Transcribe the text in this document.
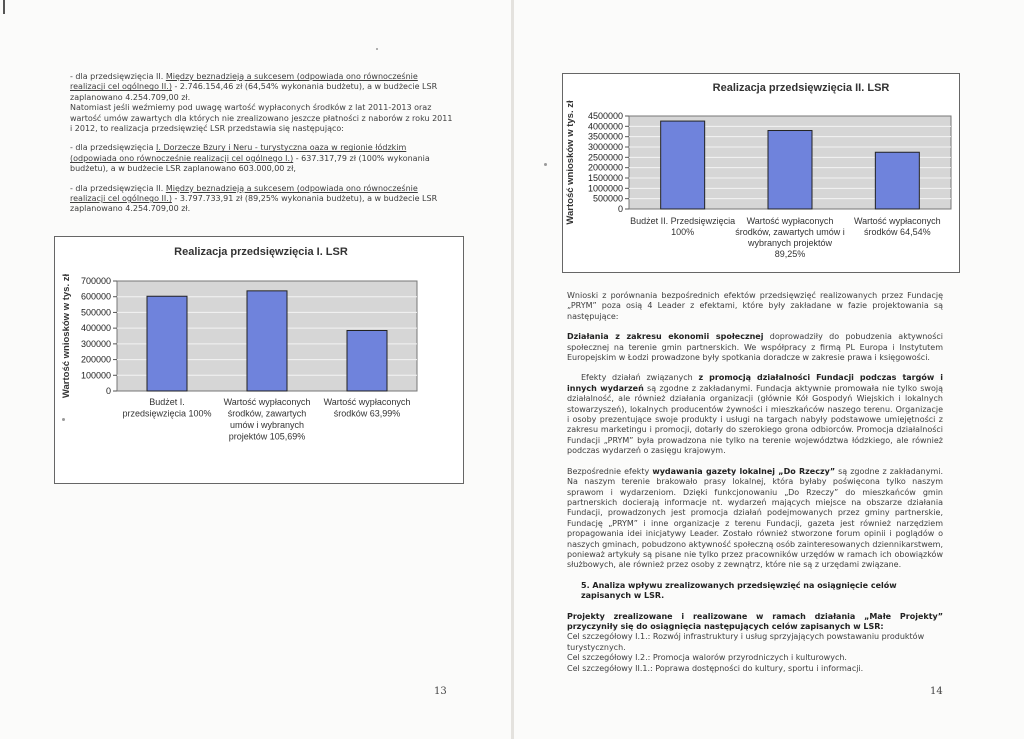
- dla przedsięwzięcia II. Między beznadzieją a sukcesem (odpowiada ono równocześnie realizacji cel ogólnego II.) - 2.746.154,46 zł (64,54% wykonania budżetu), a w budżecie LSR zaplanowano 4.254.709,00 zł.
Natomiast jeśli weźmiemy pod uwagę wartość wypłaconych środków z lat 2011-2013 oraz wartość umów zawartych dla których nie zrealizowano jeszcze płatności z naborów z roku 2011 i 2012, to realizacja przedsięwzięć LSR przedstawia się następująco:
- dla przedsięwzięcia I. Dorzecze Bzury i Neru - turystyczna oaza w regionie łódzkim (odpowiada ono równocześnie realizacji cel ogólnego I.) - 637.317,79 zł (100% wykonania budżetu), a w budżecie LSR zaplanowano 603.000,00 zł,
- dla przedsięwzięcia II. Między beznadzieją a sukcesem (odpowiada ono równocześnie realizacji cel ogólnego II.) - 3.797.733,91 zł (89,25% wykonania budżetu), a w budżecie LSR zaplanowano 4.254.709,00 zł.
Realizacja przedsięwzięcia I. LSR
Wartość wniosków w tys. zł 700000
600000
500000
400000
300000
200000
100000
0
Budżet I.
przedsięwzięcia 100%
Wartość wypłaconych
środków, zawartych
umów i wybranych
projektów 105,69%
Wartość wypłaconych
środków 63,99%
13
Realizacja przedsięwzięcia II. LSR
Wartość wniosków w tys. zł 4500000
4000000
3500000
3000000
2500000
2000000
1500000
1000000
500000
0
Budżet II. Przedsięwzięcia
100%
Wartość wypłaconych
środków, zawartych umów i
wybranych projektów
89,25%
Wartość wypłaconych
środków 64,54%

Wnioski z porównania bezpośrednich efektów przedsięwzięć realizowanych przez Fundację „PRYM” poza osią 4 Leader z efektami, które były zakładane w fazie projektowania są następujące:

Działania z zakresu ekonomii społecznej doprowadziły do pobudzenia aktywności społecznej na terenie gmin partnerskich. We współpracy z firmą PL Europa i Instytutem Europejskim w Łodzi prowadzone były spotkania doradcze w zakresie prawa i księgowości.

Efekty działań związanych z promocją działalności Fundacji podczas targów i innych wydarzeń są zgodne z zakładanymi. Fundacja aktywnie promowała nie tylko swoją działalność, ale również działania organizacji (głównie Kół Gospodyń Wiejskich i lokalnych stowarzyszeń), lokalnych producentów żywności i mieszkańców naszego terenu. Organizacje i osoby prezentujące swoje produkty i usługi na targach nabyły podstawowe umiejętności z zakresu marketingu i promocji, dotarły do szerokiego grona odbiorców. Promocja działalności Fundacji „PRYM” była prowadzona nie tylko na terenie województwa łódzkiego, ale również podczas wydarzeń o zasięgu krajowym.

Bezpośrednie efekty wydawania gazety lokalnej „Do Rzeczy” są zgodne z zakładanymi. Na naszym terenie brakowało prasy lokalnej, która byłaby poświęcona tylko naszym sprawom i wydarzeniom. Dzięki funkcjonowaniu „Do Rzeczy” do mieszkańców gmin partnerskich docierają informacje nt. wydarzeń mających miejsce na obszarze działania Fundacji, prowadzonych jest promocja działań podejmowanych przez gminy partnerskie, Fundację „PRYM” i inne organizacje z terenu Fundacji, gazeta jest również narzędziem propagowania idei inicjatywy Leader. Zostało również stworzone forum opinii i poglądów o naszych gminach, pobudzono aktywność społeczną osób zainteresowanych dziennikarstwem, ponieważ artykuły są pisane nie tylko przez pracowników urzędów w ramach ich obowiązków służbowych, ale również przez osoby z zewnątrz, które nie są z urzędami związane.

5. Analiza wpływu zrealizowanych przedsięwzięć na osiągnięcie celów zapisanych w LSR.

Projekty zrealizowane i realizowane w ramach działania „Małe Projekty” przyczyniły się do osiągnięcia następujących celów zapisanych w LSR:

Cel szczegółowy I.1.: Rozwój infrastruktury i usług sprzyjających powstawaniu produktów turystycznych.

Cel szczegółowy I.2.: Promocja walorów przyrodniczych i kulturowych.

Cel szczegółowy II.1.: Poprawa dostępności do kultury, sportu i informacji.

14
